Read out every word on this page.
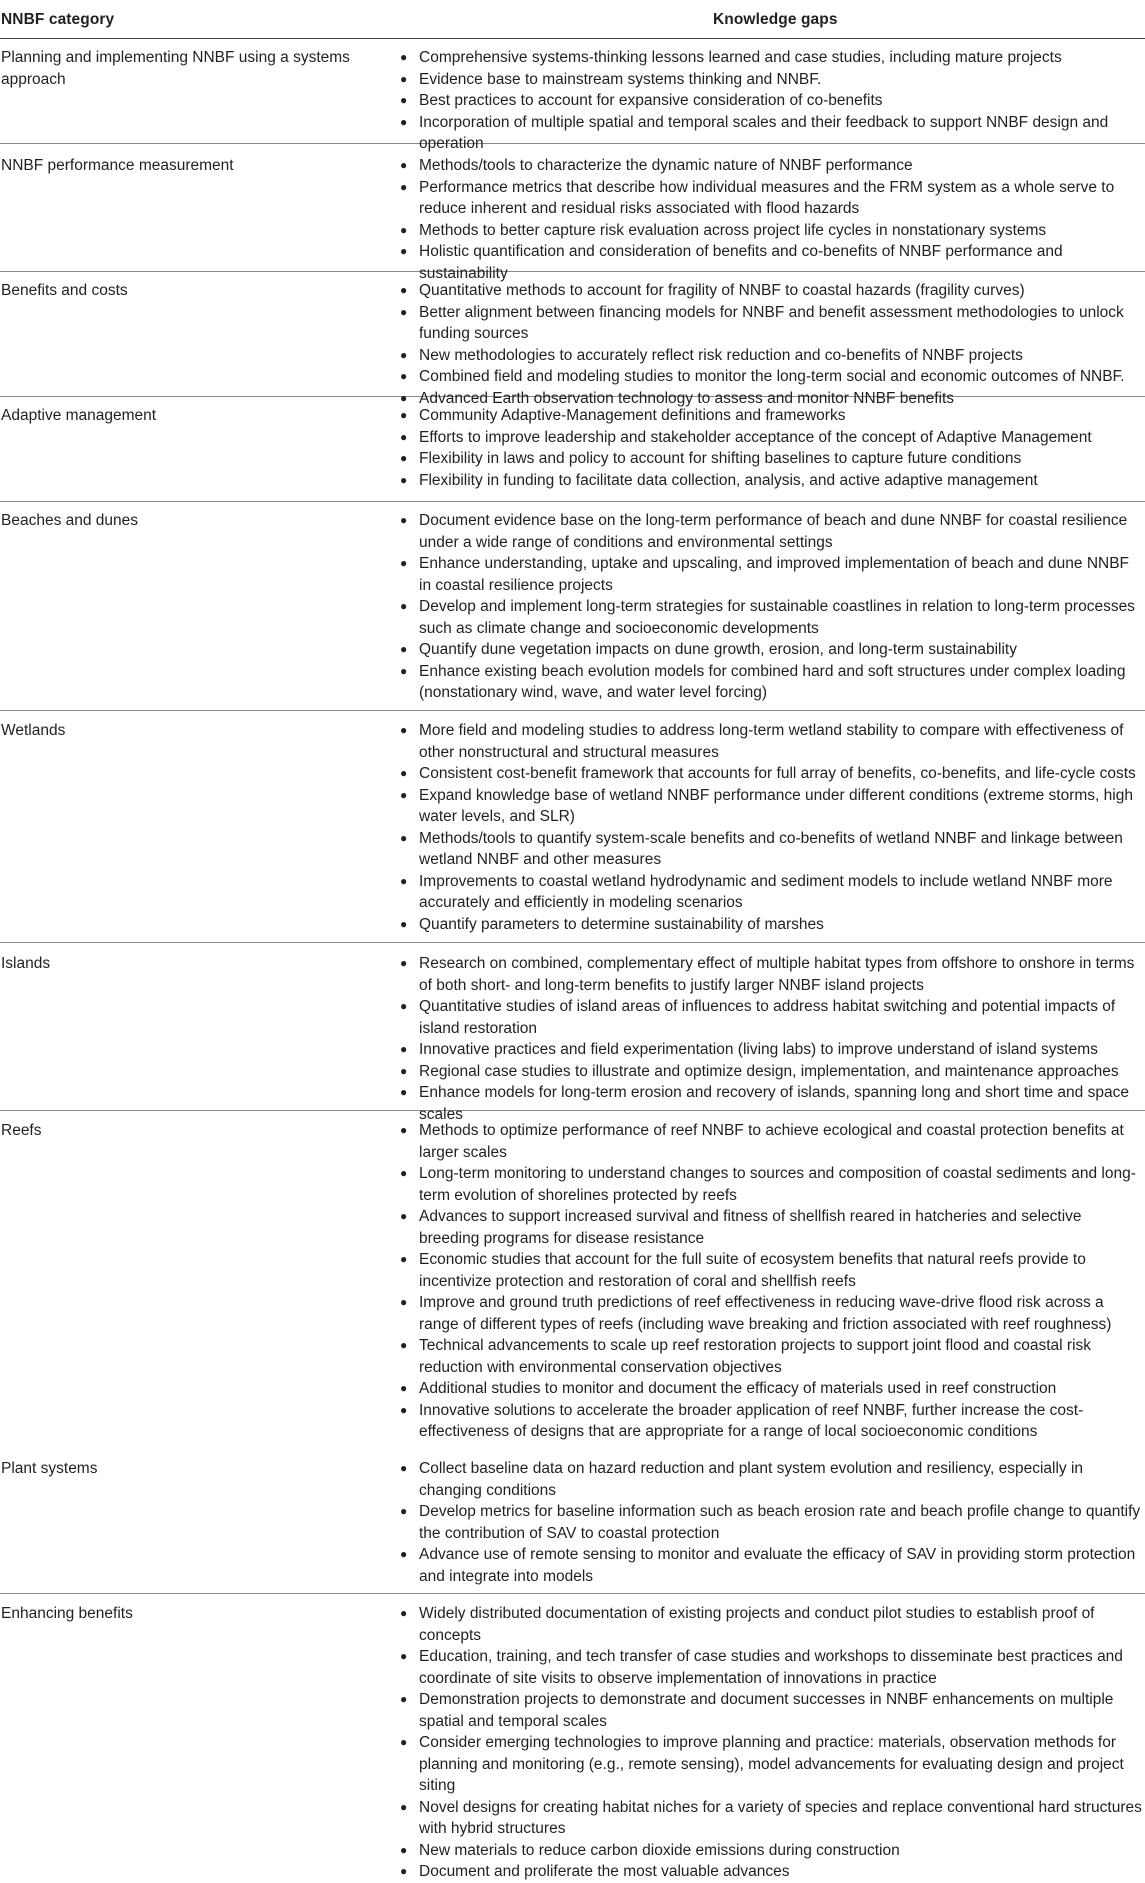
NNBF category	Knowledge gaps
Planning and implementing NNBF using a systems approach
● Comprehensive systems-thinking lessons learned and case studies, including mature projects
● Evidence base to mainstream systems thinking and NNBF.
● Best practices to account for expansive consideration of co-benefits
● Incorporation of multiple spatial and temporal scales and their feedback to support NNBF design and operation
NNBF performance measurement	● Methods/tools to characterize the dynamic nature of NNBF performance
● Performance metrics that describe how individual measures and the FRM system as a whole serve to reduce inherent and residual risks associated with flood hazards
● Methods to better capture risk evaluation across project life cycles in nonstationary systems
● Holistic quantification and consideration of benefits and co-benefits of NNBF performance and sustainability
Benefits and costs	● Quantitative methods to account for fragility of NNBF to coastal hazards (fragility curves)
● Better alignment between financing models for NNBF and benefit assessment methodologies to unlock funding sources
● New methodologies to accurately reflect risk reduction and co-benefits of NNBF projects
● Combined field and modeling studies to monitor the long-term social and economic outcomes of NNBF.
● Advanced Earth observation technology to assess and monitor NNBF benefits
Adaptive management	● Community Adaptive-Management definitions and frameworks
● Efforts to improve leadership and stakeholder acceptance of the concept of Adaptive Management
● Flexibility in laws and policy to account for shifting baselines to capture future conditions
● Flexibility in funding to facilitate data collection, analysis, and active adaptive management
Beaches and dunes	● Document evidence base on the long-term performance of beach and dune NNBF for coastal resilience under a wide range of conditions and environmental settings
● Enhance understanding, uptake and upscaling, and improved implementation of beach and dune NNBF in coastal resilience projects
● Develop and implement long-term strategies for sustainable coastlines in relation to long-term processes such as climate change and socioeconomic developments
● Quantify dune vegetation impacts on dune growth, erosion, and long-term sustainability
● Enhance existing beach evolution models for combined hard and soft structures under complex loading (nonstationary wind, wave, and water level forcing)
Wetlands	● More field and modeling studies to address long-term wetland stability to compare with effectiveness of other nonstructural and structural measures
● Consistent cost-benefit framework that accounts for full array of benefits, co-benefits, and life-cycle costs
● Expand knowledge base of wetland NNBF performance under different conditions (extreme storms, high water levels, and SLR)
● Methods/tools to quantify system-scale benefits and co-benefits of wetland NNBF and linkage between wetland NNBF and other measures
● Improvements to coastal wetland hydrodynamic and sediment models to include wetland NNBF more accurately and efficiently in modeling scenarios
● Quantify parameters to determine sustainability of marshes
Islands	● Research on combined, complementary effect of multiple habitat types from offshore to onshore in terms of both short- and long-term benefits to justify larger NNBF island projects
● Quantitative studies of island areas of influences to address habitat switching and potential impacts of island restoration
● Innovative practices and field experimentation (living labs) to improve understand of island systems
● Regional case studies to illustrate and optimize design, implementation, and maintenance approaches
● Enhance models for long-term erosion and recovery of islands, spanning long and short time and space scales
Reefs	● Methods to optimize performance of reef NNBF to achieve ecological and coastal protection benefits at larger scales
● Long-term monitoring to understand changes to sources and composition of coastal sediments and long-term evolution of shorelines protected by reefs
● Advances to support increased survival and fitness of shellfish reared in hatcheries and selective breeding programs for disease resistance
● Economic studies that account for the full suite of ecosystem benefits that natural reefs provide to incentivize protection and restoration of coral and shellfish reefs
● Improve and ground truth predictions of reef effectiveness in reducing wave-drive flood risk across a range of different types of reefs (including wave breaking and friction associated with reef roughness)
● Technical advancements to scale up reef restoration projects to support joint flood and coastal risk reduction with environmental conservation objectives
● Additional studies to monitor and document the efficacy of materials used in reef construction
● Innovative solutions to accelerate the broader application of reef NNBF, further increase the cost-effectiveness of designs that are appropriate for a range of local socioeconomic conditions
Plant systems	● Collect baseline data on hazard reduction and plant system evolution and resiliency, especially in changing conditions
● Develop metrics for baseline information such as beach erosion rate and beach profile change to quantify the contribution of SAV to coastal protection
● Advance use of remote sensing to monitor and evaluate the efficacy of SAV in providing storm protection and integrate into models
Enhancing benefits	● Widely distributed documentation of existing projects and conduct pilot studies to establish proof of concepts
● Education, training, and tech transfer of case studies and workshops to disseminate best practices and coordinate of site visits to observe implementation of innovations in practice
● Demonstration projects to demonstrate and document successes in NNBF enhancements on multiple spatial and temporal scales
● Consider emerging technologies to improve planning and practice: materials, observation methods for planning and monitoring (e.g., remote sensing), model advancements for evaluating design and project siting
● Novel designs for creating habitat niches for a variety of species and replace conventional hard structures with hybrid structures
● New materials to reduce carbon dioxide emissions during construction
● Document and proliferate the most valuable advances
